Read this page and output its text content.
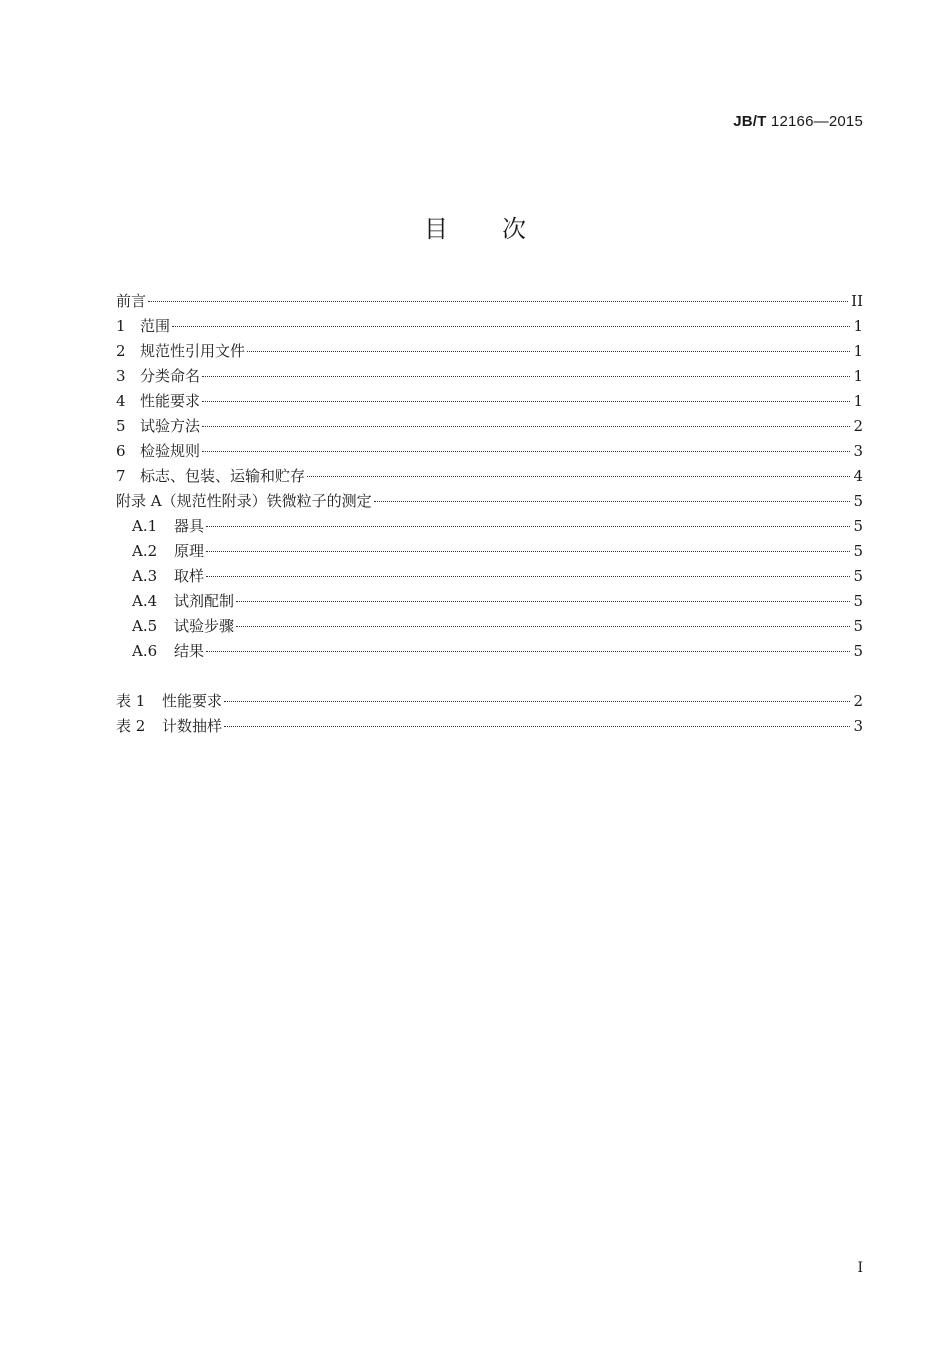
JB/T 12166—2015
目次
前言	II
1 范围	1
2 规范性引用文件	1
3 分类命名	1
4 性能要求	1
5 试验方法	2
6 检验规则	3
7 标志、包装、运输和贮存	4
附录 A（规范性附录）铁微粒子的测定	5
A.1	器具	5
A.2	原理	5
A.3	取样	5
A.4	试剂配制	5
A.5	试验步骤	5
A.6	结果	5
表 1	性能要求	2
表 2	计数抽样	3
I
